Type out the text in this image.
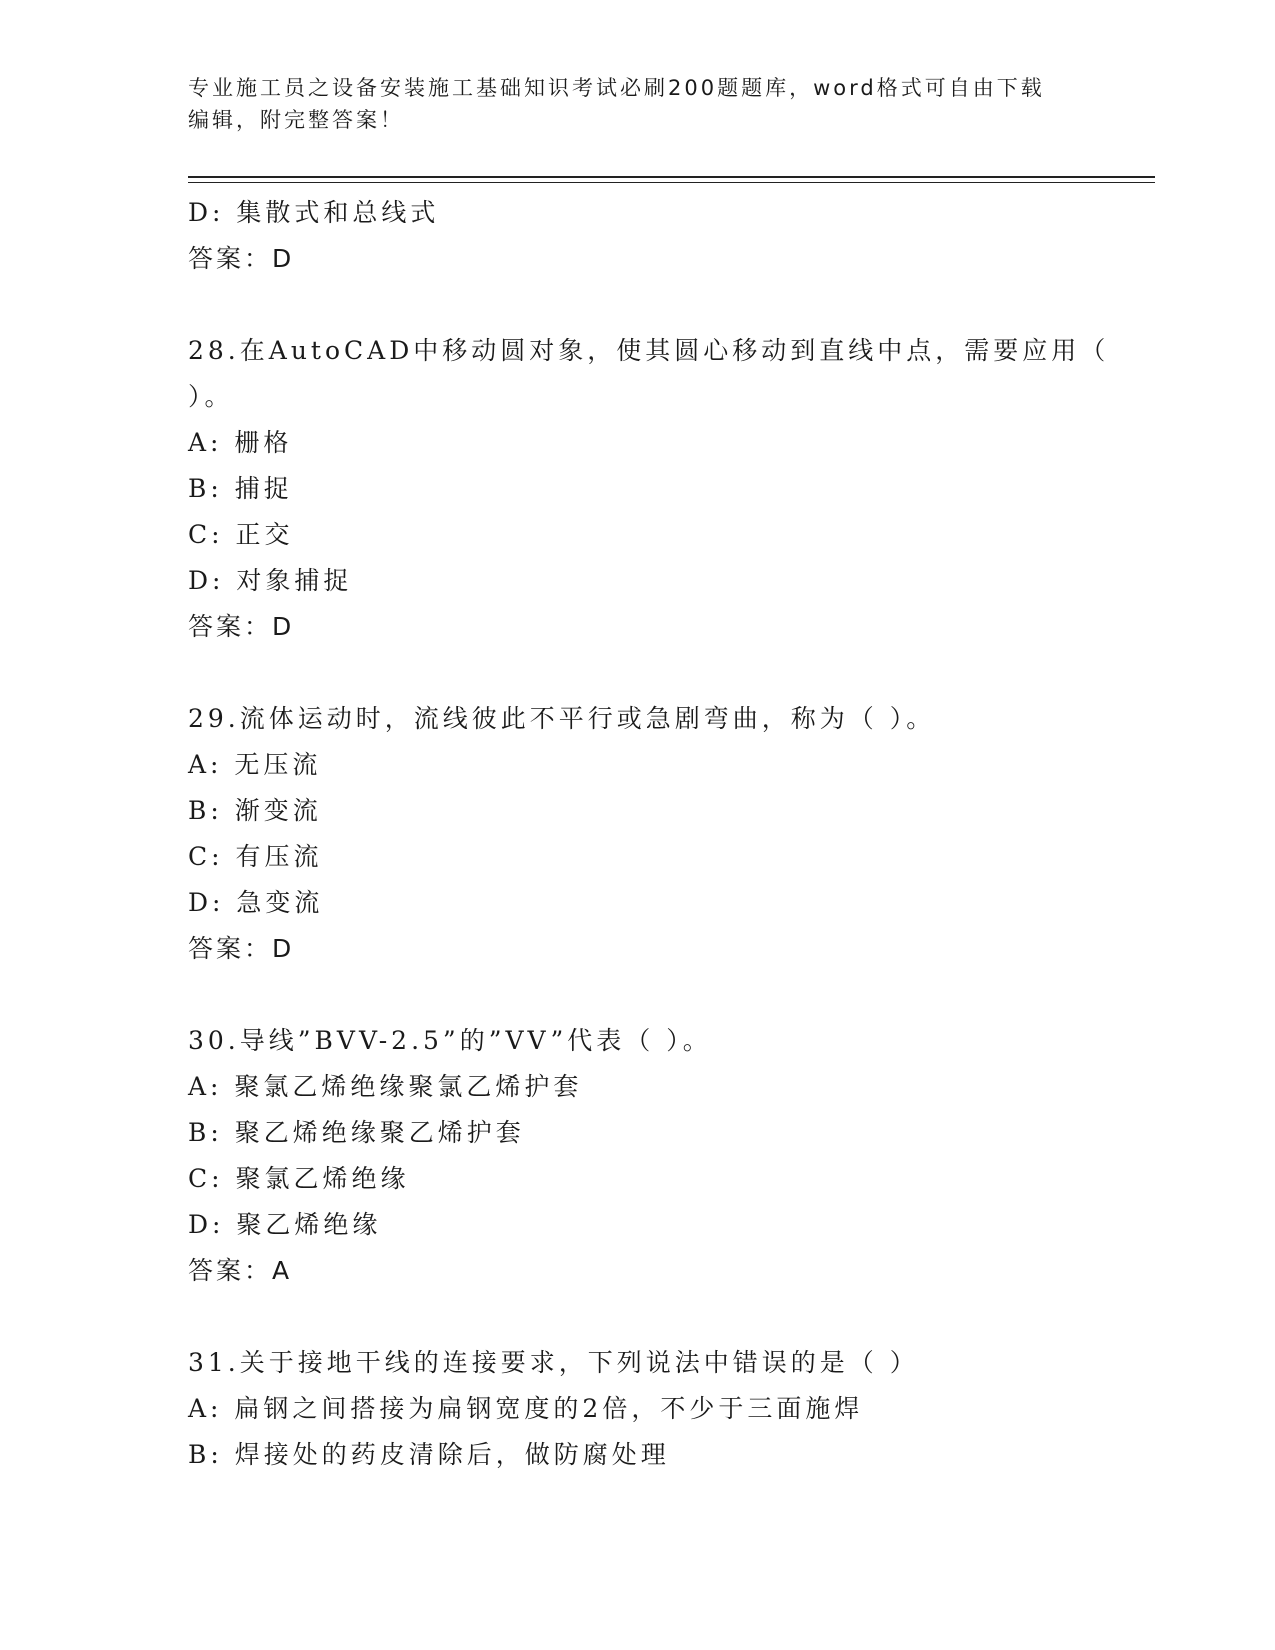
专业施工员之设备安装施工基础知识考试必刷200题题库，word格式可自由下载
编辑，附完整答案！
D: 集散式和总线式
答案：D
28.在AutoCAD中移动圆对象，使其圆心移动到直线中点，需要应用（
）。
A: 栅格
B: 捕捉
C: 正交
D: 对象捕捉
答案：D
29.流体运动时，流线彼此不平行或急剧弯曲，称为（ ）。
A: 无压流
B: 渐变流
C: 有压流
D: 急变流
答案：D
30.导线”BVV-2.5”的”VV”代表（ ）。
A: 聚氯乙烯绝缘聚氯乙烯护套
B: 聚乙烯绝缘聚乙烯护套
C: 聚氯乙烯绝缘
D: 聚乙烯绝缘
答案：A
31.关于接地干线的连接要求，下列说法中错误的是（ ）
A: 扁钢之间搭接为扁钢宽度的2倍，不少于三面施焊
B: 焊接处的药皮清除后，做防腐处理
